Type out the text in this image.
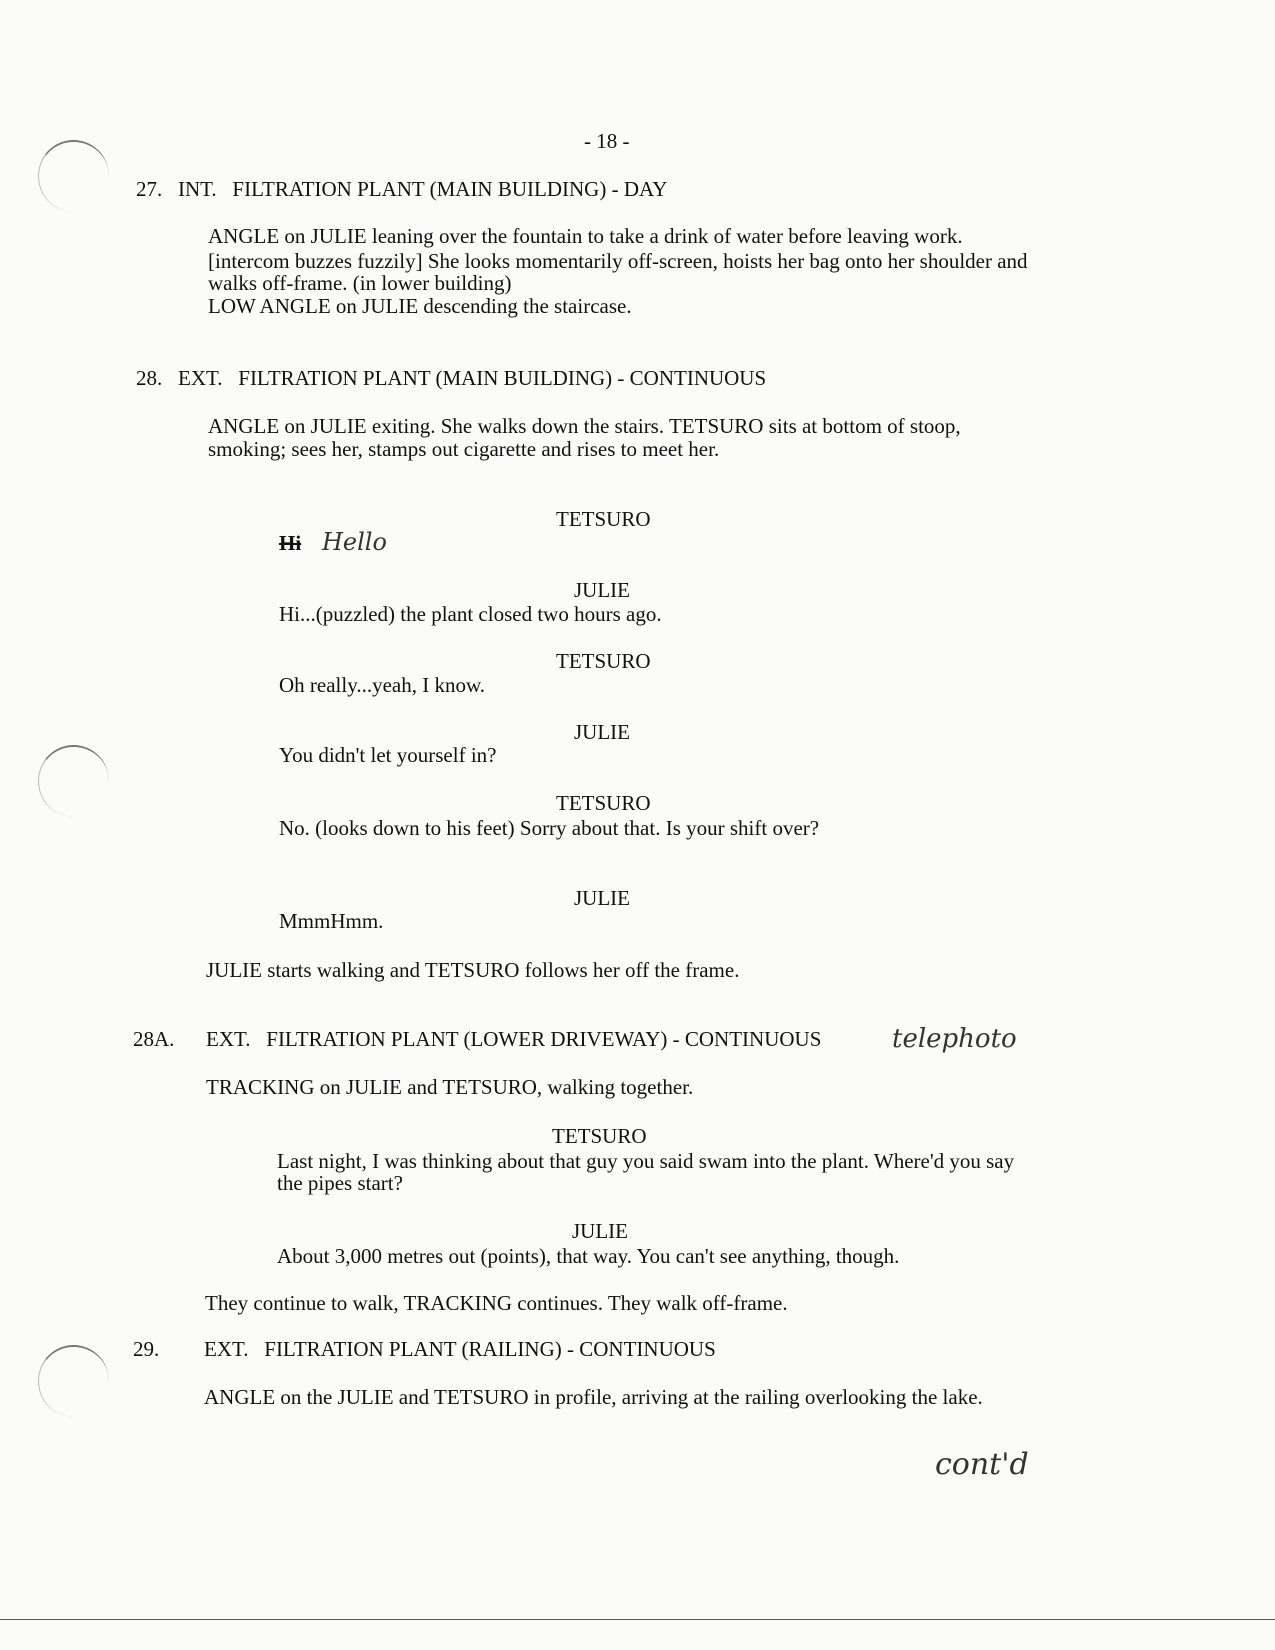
- 18 -
27. INT.   FILTRATION PLANT (MAIN BUILDING) - DAY
ANGLE on JULIE leaning over the fountain to take a drink of water before leaving work.
[intercom buzzes fuzzily] She looks momentarily off-screen, hoists her bag onto her shoulder and
walks off-frame. (in lower building)
LOW ANGLE on JULIE descending the staircase.
28. EXT.   FILTRATION PLANT (MAIN BUILDING) - CONTINUOUS
ANGLE on JULIE exiting. She walks down the stairs. TETSURO sits at bottom of stoop,
smoking; sees her, stamps out cigarette and rises to meet her.
TETSURO
Hi Hello
JULIE
Hi...(puzzled) the plant closed two hours ago.
TETSURO
Oh really...yeah, I know.
JULIE
You didn't let yourself in?
TETSURO
No. (looks down to his feet) Sorry about that. Is your shift over?
JULIE
MmmHmm.
JULIE starts walking and TETSURO follows her off the frame.
28A. EXT.   FILTRATION PLANT (LOWER DRIVEWAY) - CONTINUOUS	telephoto
TRACKING on JULIE and TETSURO, walking together.
TETSURO
Last night, I was thinking about that guy you said swam into the plant. Where'd you say
the pipes start?
JULIE
About 3,000 metres out (points), that way. You can't see anything, though.
They continue to walk, TRACKING continues. They walk off-frame.
29. EXT.   FILTRATION PLANT (RAILING) - CONTINUOUS
ANGLE on the JULIE and TETSURO in profile, arriving at the railing overlooking the lake.
cont'd
